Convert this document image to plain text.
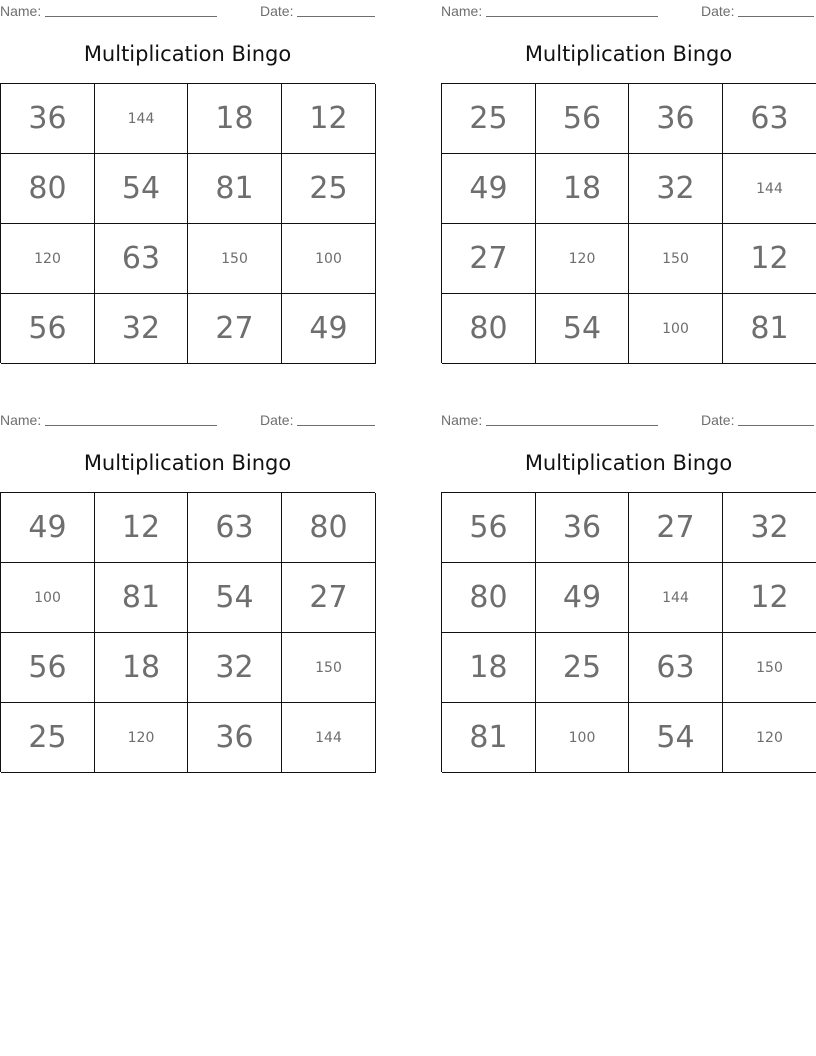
Name:	Date:
Multiplication Bingo
36	144	18	12
80	54	81	25
120	63	150	100
56	32	27	49
Name:	Date:
Multiplication Bingo
25	56	36	63
49	18	32	144
27	120	150	12
80	54	100	81
Name:	Date:
Multiplication Bingo
49	12	63	80
100	81	54	27
56	18	32	150
25	120	36	144
Name:	Date:
Multiplication Bingo
56	36	27	32
80	49	144	12
18	25	63	150
81	100	54	120
